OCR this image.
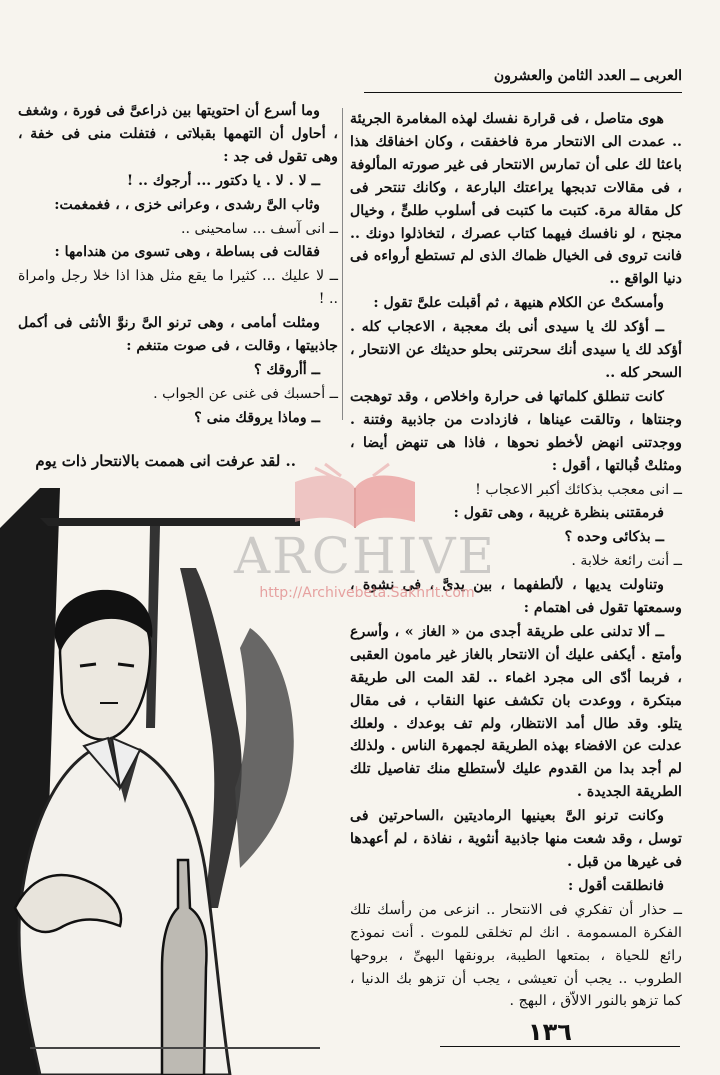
العربى ــ العدد الثامن والعشرون

هوى متاصل ، فى قرارة نفسك لهذه المغامرة الجريئة .. عمدت الى الانتحار مرة فاخفقت ، وكان اخفاقك هذا باعثا لك على أن تمارس الانتحار فى غير صورته المألوفة ، فى مقالات تدبجها يراعتك البارعة ، وكانك تنتحر فى كل مقالة مرة. كتبت ما كتبت فى أسلوب طلىٍّ ، وخيال مجنح ، لو نافسك فيهما كتاب عصرك ، لتخاذلوا دونك .. فانت تروى فى الخيال ظماك الذى لم تستطع أرواءه فى دنيا الواقع ..

وأمسكتْ عن الكلام هنيهة ، ثم أقبلت علىَّ تقول :

ــ أؤكد لك يا سيدى أنى بك معجبة ، الاعجاب كله . أؤكد لك يا سيدى أنك سحرتنى بحلو حديثك عن الانتحار ، السحر كله ..

كانت تنطلق كلماتها فى حرارة واخلاص ، وقد توهجت وجنتاها ، وتالقت عيناها ، فازدادت من جاذبية وفتنة . ووجدتنى انهض لأخطو نحوها ، فاذا هى تنهض أيضا ، ومثلتْ قُبالتها ، أقول :

ــ انى معجب بذكائك أكبر الاعجاب !

فرمقتنى بنظرة غريبة ، وهى تقول :

ــ بذكائى وحده ؟

ــ أنت رائعة خلابة .

وتناولت يديها ، لألطفهما ، بين يدىَّ ، فى نشوة ، وسمعتها تقول فى اهتمام :

ــ ألا تدلنى على طريقة أجدى من « الغاز » ، وأسرع وأمتع . أيكفى عليك أن الانتحار بالغاز غير مامون العقبى ، فربما أدّى الى مجرد اغماء .. لقد المت الى طريقة مبتكرة ، ووعدت بان تكشف عنها النقاب ، فى مقال يتلو. وقد طال أمد الانتظار، ولم تف بوعدك . ولعلك عدلت عن الافضاء بهذه الطريقة لجمهرة الناس . ولذلك لم أجد بدا من القدوم عليك لأستطلع منك تفاصيل تلك الطريقة الجديدة .

وكانت ترنو الىَّ بعينيها الرماديتين ،الساحرتين فى توسل ، وقد شعت منها جاذبية أنثوية ، نفاذة ، لم أعهدها فى غيرها من قبل .

فانطلقت أقول :

ــ حذار أن تفكري فى الانتحار .. انزعى من رأسك تلك الفكرة المسمومة . انك لم تخلقى للموت . أنت نموذج رائع للحياة ، بمتعها الطيبة، برونقها البهىِّ ، بروحها الطروب .. يجب أن تعيشى ، يجب أن تزهو بك الدنيا ، كما تزهو بالنور الالاّق ، البهج .

وما أسرع أن احتويتها بين ذراعىَّ فى فورة ، وشغف ، أحاول أن التهمها بقبلاتى ، فتفلت منى فى خفة ، وهى تقول فى جد :

ــ لا . لا . يا دكتور ... أرجوك .. !

وثاب الىَّ رشدى ، وعرانى خزى ، ، فغمغمت:

ــ انى آسف ... سامحينى ..

فقالت فى بساطة ، وهى تسوى من هندامها :

ــ لا عليك ... كثيرا ما يقع مثل هذا اذا خلا رجل وامراة .. !

ومثلت أمامى ، وهى ترنو الىَّ رنوَّ الأنثى فى أكمل جاذبيتها ، وقالت ، فى صوت متنغم :

ــ أأروقك ؟

ــ أحسبك فى غنى عن الجواب .

ــ وماذا يروقك منى ؟

.. لقد عرفت انى هممت بالانتحار ذات يوم
ARCHIVE
http://Archivebeta.Sakhrit.com
١٣٦
